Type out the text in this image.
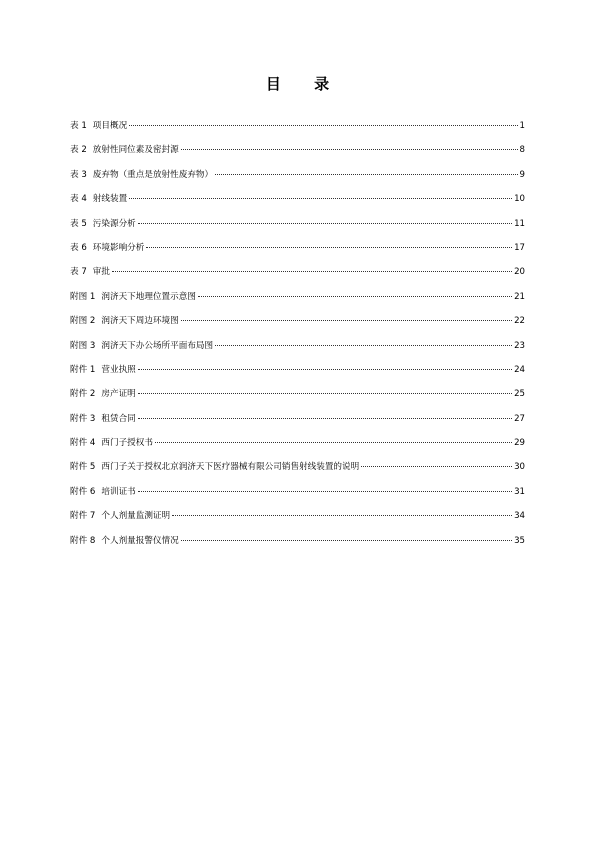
目 录
表 1 项目概况	1
表 2 放射性同位素及密封源	8
表 3 废弃物（重点是放射性废弃物）	9
表 4 射线装置	10
表 5 污染源分析	11
表 6 环境影响分析	17
表 7 审批	20
附图 1 润济天下地理位置示意图	21
附图 2 润济天下周边环境图	22
附图 3 润济天下办公场所平面布局图	23
附件 1 营业执照	24
附件 2 房产证明	25
附件 3 租赁合同	27
附件 4 西门子授权书	29
附件 5 西门子关于授权北京润济天下医疗器械有限公司销售射线装置的说明	30
附件 6 培训证书	31
附件 7 个人剂量监测证明	34
附件 8 个人剂量报警仪情况	35
